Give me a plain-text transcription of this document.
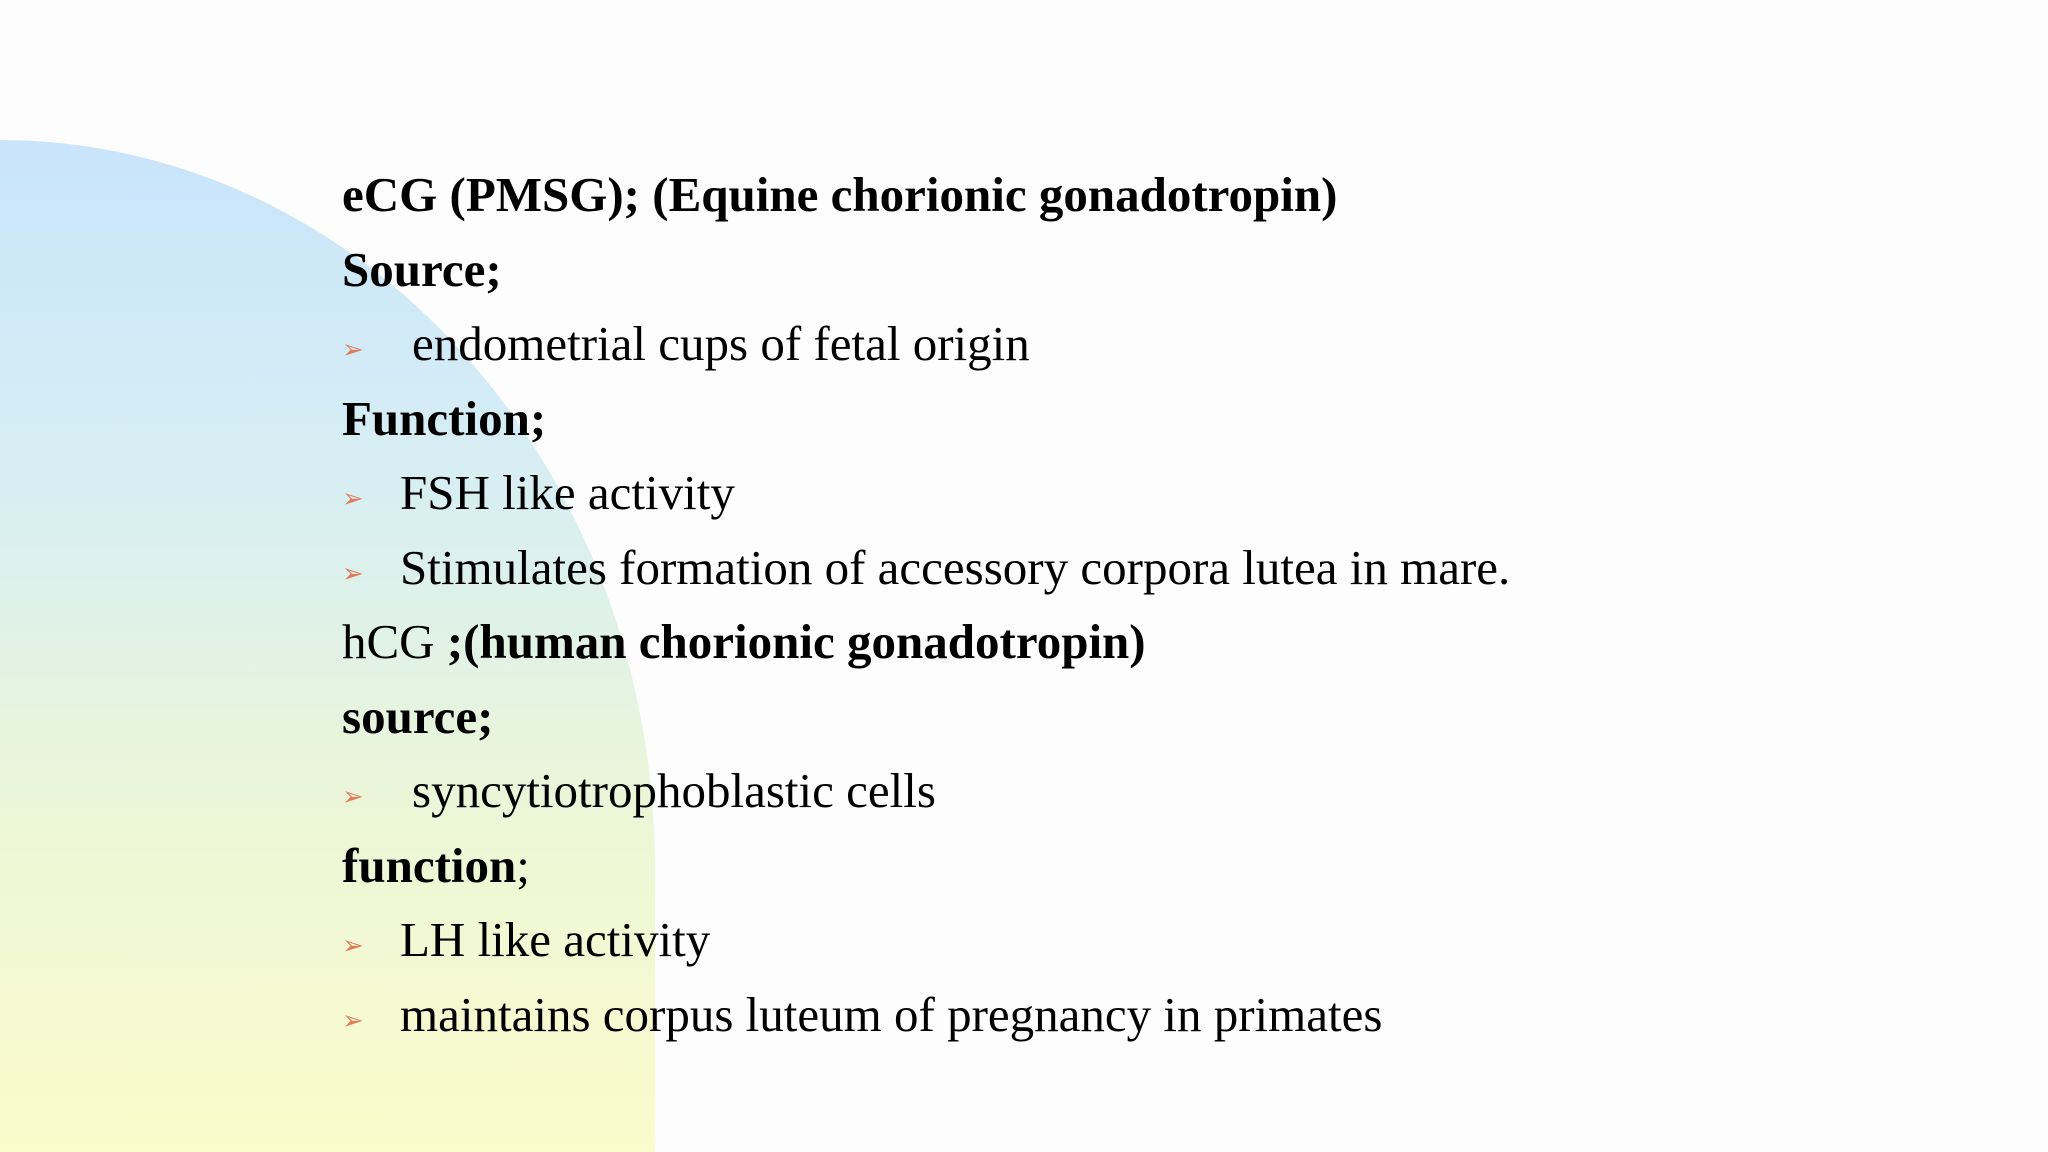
eCG (PMSG); (Equine chorionic gonadotropin)
Source;
➢ endometrial cups of fetal origin
Function;
➢ FSH like activity
➢ Stimulates formation of accessory corpora lutea in mare.
hCG ;(human chorionic gonadotropin)
source;
➢ syncytiotrophoblastic cells
function;
➢ LH like activity
➢ maintains corpus luteum of pregnancy in primates
